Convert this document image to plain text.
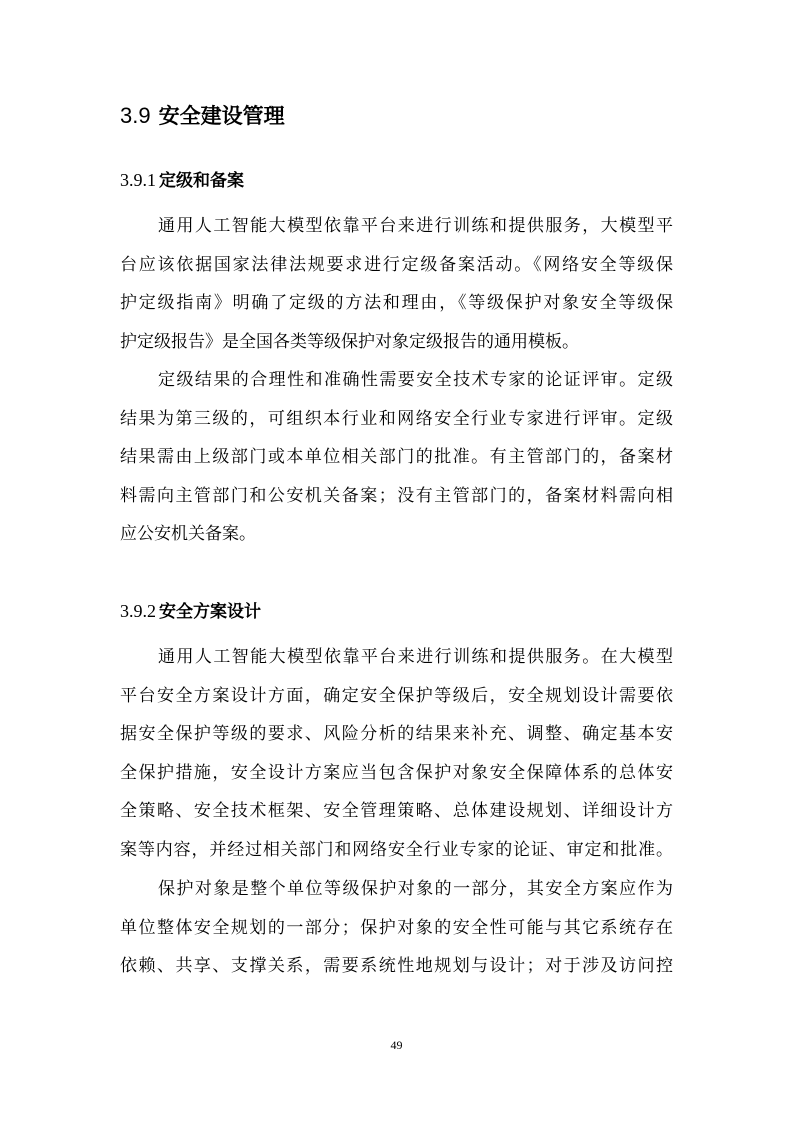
3.9 安全建设管理
3.9.1 定级和备案
通用人工智能大模型依靠平台来进行训练和提供服务，大模型平
台应该依据国家法律法规要求进行定级备案活动。《网络安全等级保
护定级指南》明确了定级的方法和理由，《等级保护对象安全等级保
护定级报告》是全国各类等级保护对象定级报告的通用模板。
定级结果的合理性和准确性需要安全技术专家的论证评审。定级
结果为第三级的，可组织本行业和网络安全行业专家进行评审。定级
结果需由上级部门或本单位相关部门的批准。有主管部门的，备案材
料需向主管部门和公安机关备案；没有主管部门的，备案材料需向相
应公安机关备案。
3.9.2 安全方案设计
通用人工智能大模型依靠平台来进行训练和提供服务。在大模型
平台安全方案设计方面，确定安全保护等级后，安全规划设计需要依
据安全保护等级的要求、风险分析的结果来补充、调整、确定基本安
全保护措施，安全设计方案应当包含保护对象安全保障体系的总体安
全策略、安全技术框架、安全管理策略、总体建设规划、详细设计方
案等内容，并经过相关部门和网络安全行业专家的论证、审定和批准。
保护对象是整个单位等级保护对象的一部分，其安全方案应作为
单位整体安全规划的一部分；保护对象的安全性可能与其它系统存在
依赖、共享、支撑关系，需要系统性地规划与设计；对于涉及访问控
49
